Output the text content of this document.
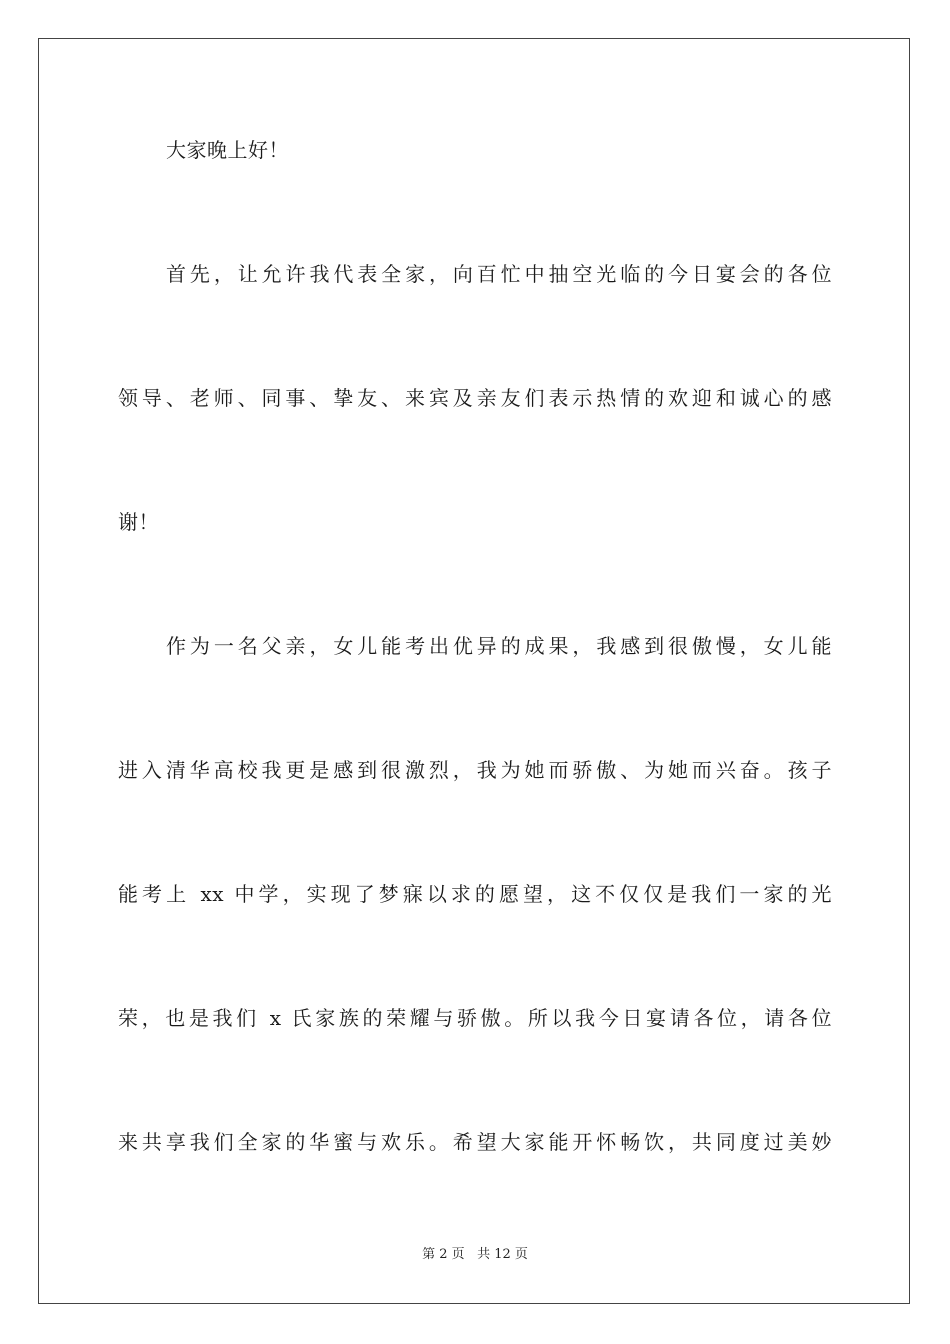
大家晚上好！
首先，让允许我代表全家，向百忙中抽空光临的今日宴会的各位
领导、老师、同事、挚友、来宾及亲友们表示热情的欢迎和诚心的感
谢！
作为一名父亲，女儿能考出优异的成果，我感到很傲慢，女儿能
进入清华高校我更是感到很激烈，我为她而骄傲、为她而兴奋。孩子
能考上 xx 中学，实现了梦寐以求的愿望，这不仅仅是我们一家的光
荣，也是我们 x 氏家族的荣耀与骄傲。所以我今日宴请各位，请各位
来共享我们全家的华蜜与欢乐。希望大家能开怀畅饮，共同度过美妙
第 2 页 共 12 页
